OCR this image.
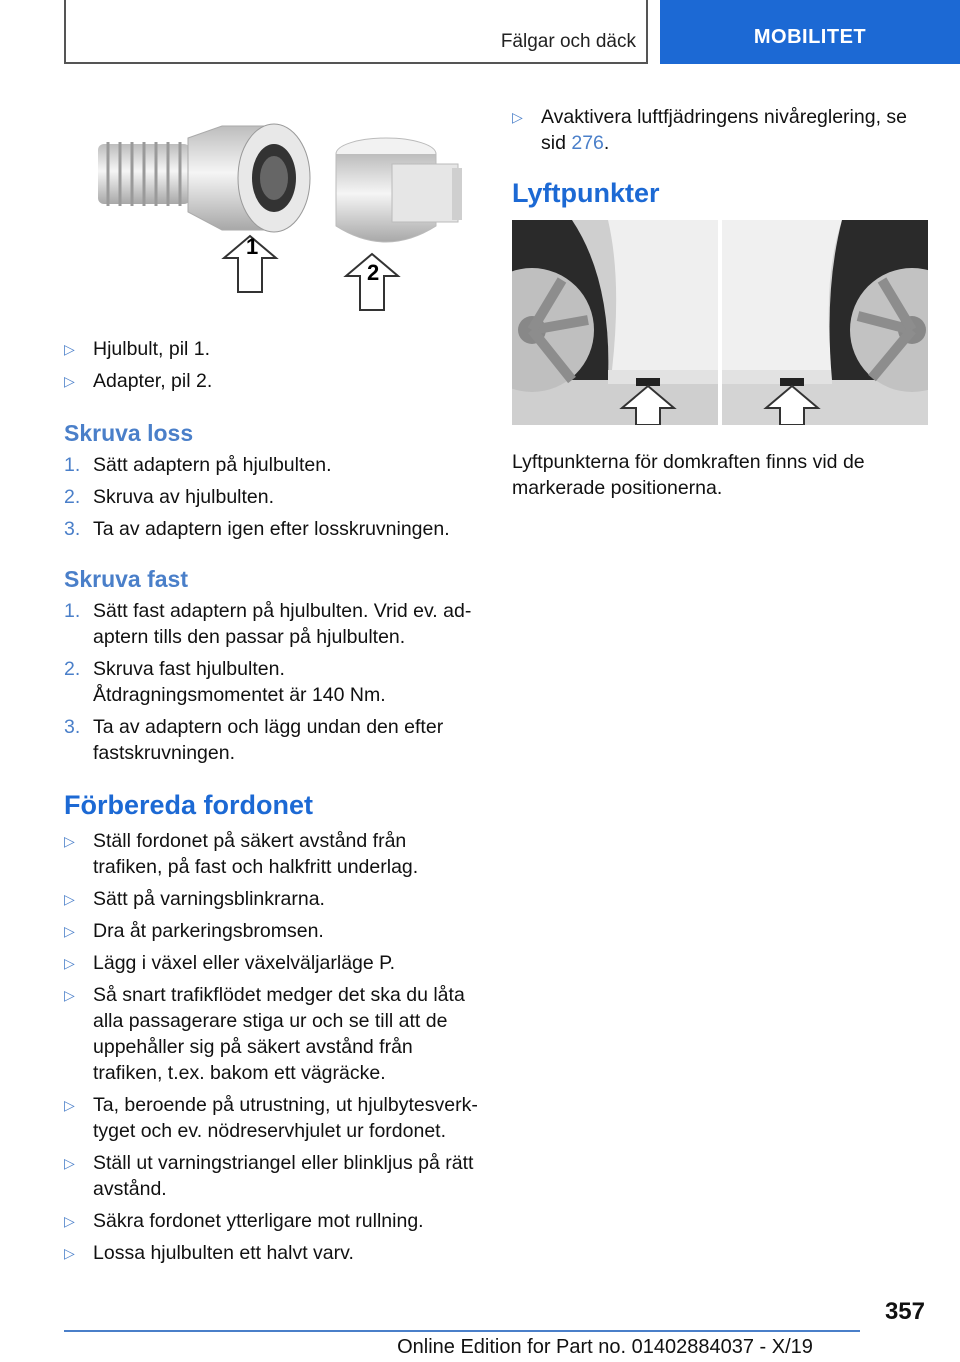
Fälgar och däck	MOBILITET
1
2
▷ Hjulbult, pil 1.
▷ Adapter, pil 2.
Skruva loss
1. Sätt adaptern på hjulbulten.
2. Skruva av hjulbulten.
3. Ta av adaptern igen efter losskruvningen.
Skruva fast
1. Sätt fast adaptern på hjulbulten. Vrid ev. adaptern tills den passar på hjulbulten.
2. Skruva fast hjulbulten. Åtdragningsmomentet är 140 Nm.
3. Ta av adaptern och lägg undan den efter fastskruvningen.
Förbereda fordonet
▷ Ställ fordonet på säkert avstånd från trafiken, på fast och halkfritt underlag.
▷ Sätt på varningsblinkrarna.
▷ Dra åt parkeringsbromsen.
▷ Lägg i växel eller växelväljarläge P.
▷ Så snart trafikflödet medger det ska du låta alla passagerare stiga ur och se till att de uppehåller sig på säkert avstånd från trafiken, t.ex. bakom ett vägräcke.
▷ Ta, beroende på utrustning, ut hjulbytesverktyget och ev. nödreservhjulet ur fordonet.
▷ Ställ ut varningstriangel eller blinkljus på rätt avstånd.
▷ Säkra fordonet ytterligare mot rullning.
▷ Lossa hjulbulten ett halvt varv.
▷ Avaktivera luftfjädringens nivåreglering, se sid 276.
Lyftpunkter

Lyftpunkterna för domkraften finns vid de markerade positionerna.

357
Online Edition for Part no. 01402884037 - X/19
